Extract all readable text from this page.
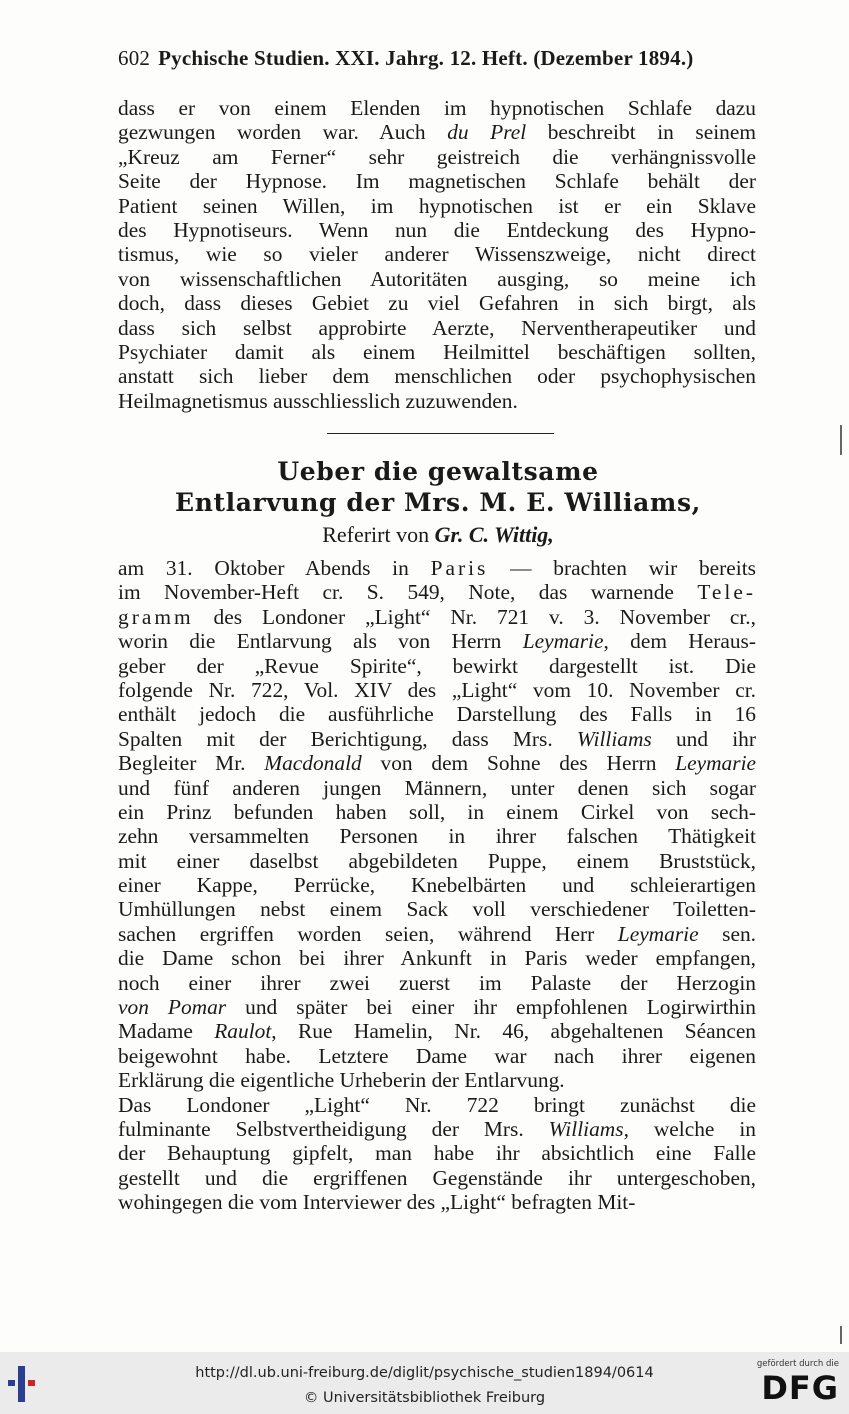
602 Pychische Studien. XXI. Jahrg. 12. Heft. (Dezember 1894.)
dass er von einem Elenden im hypnotischen Schlafe dazu
gezwungen worden war. Auch du Prel beschreibt in seinem
„Kreuz am Ferner“ sehr geistreich die verhängnissvolle
Seite der Hypnose. Im magnetischen Schlafe behält der
Patient seinen Willen, im hypnotischen ist er ein Sklave
des Hypnotiseurs. Wenn nun die Entdeckung des Hypno-
tismus, wie so vieler anderer Wissenszweige, nicht direct
von wissenschaftlichen Autoritäten ausging, so meine ich
doch, dass dieses Gebiet zu viel Gefahren in sich birgt, als
dass sich selbst approbirte Aerzte, Nerventherapeutiker und
Psychiater damit als einem Heilmittel beschäftigen sollten,
anstatt sich lieber dem menschlichen oder psychophysischen
Heilmagnetismus ausschliesslich zuzuwenden.
Ueber die gewaltsame
Entlarvung der Mrs. M. E. Williams,
Referirt von Gr. C. Wittig,
am 31. Oktober Abends in Paris — brachten wir bereits
im November-Heft cr. S. 549, Note, das warnende Tele-
gramm des Londoner „Light“ Nr. 721 v. 3. November cr.,
worin die Entlarvung als von Herrn Leymarie, dem Heraus-
geber der „Revue Spirite“, bewirkt dargestellt ist. Die
folgende Nr. 722, Vol. XIV des „Light“ vom 10. November cr.
enthält jedoch die ausführliche Darstellung des Falls in 16
Spalten mit der Berichtigung, dass Mrs. Williams und ihr
Begleiter Mr. Macdonald von dem Sohne des Herrn Leymarie
und fünf anderen jungen Männern, unter denen sich sogar
ein Prinz befunden haben soll, in einem Cirkel von sech-
zehn versammelten Personen in ihrer falschen Thätigkeit
mit einer daselbst abgebildeten Puppe, einem Bruststück,
einer Kappe, Perrücke, Knebelbärten und schleierartigen
Umhüllungen nebst einem Sack voll verschiedener Toiletten-
sachen ergriffen worden seien, während Herr Leymarie sen.
die Dame schon bei ihrer Ankunft in Paris weder empfangen,
noch einer ihrer zwei zuerst im Palaste der Herzogin
von Pomar und später bei einer ihr empfohlenen Logirwirthin
Madame Raulot, Rue Hamelin, Nr. 46, abgehaltenen Séancen
beigewohnt habe. Letztere Dame war nach ihrer eigenen
Erklärung die eigentliche Urheberin der Entlarvung.
Das Londoner „Light“ Nr. 722 bringt zunächst die
fulminante Selbstvertheidigung der Mrs. Williams, welche in
der Behauptung gipfelt, man habe ihr absichtlich eine Falle
gestellt und die ergriffenen Gegenstände ihr untergeschoben,
wohingegen die vom Interviewer des „Light“ befragten Mit-
http://dl.ub.uni-freiburg.de/diglit/psychische_studien1894/0614
© Universitätsbibliothek Freiburg
gefördert durch die
DFG
